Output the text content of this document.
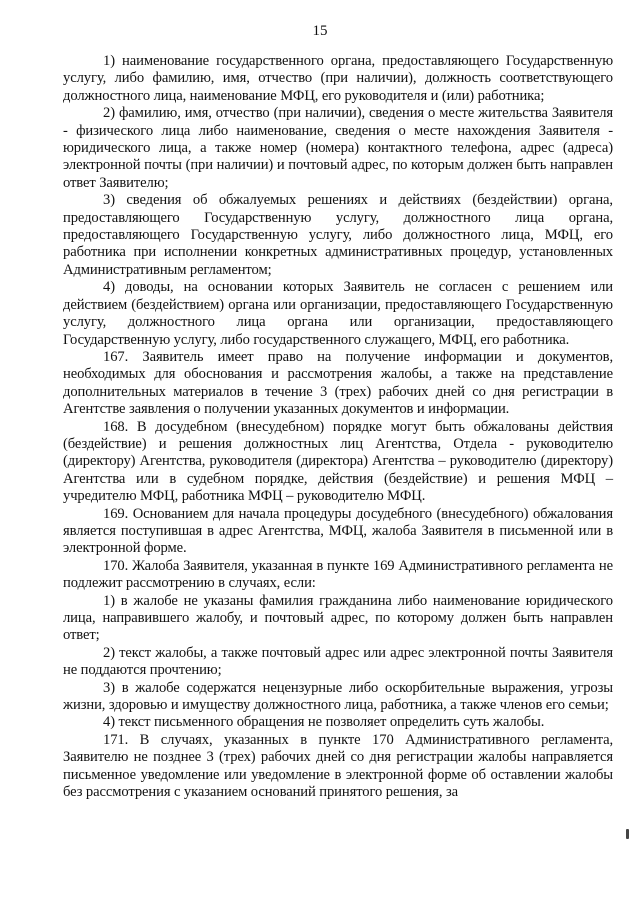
15

1) наименование государственного органа, предоставляющего Государственную услугу, либо фамилию, имя, отчество (при наличии), должность соответствующего должностного лица, наименование МФЦ, его руководителя и (или) работника;

2) фамилию, имя, отчество (при наличии), сведения о месте жительства Заявителя - физического лица либо наименование, сведения о месте нахождения Заявителя - юридического лица, а также номер (номера) контактного телефона, адрес (адреса) электронной почты (при наличии) и почтовый адрес, по которым должен быть направлен ответ Заявителю;

3) сведения об обжалуемых решениях и действиях (бездействии) органа, предоставляющего Государственную услугу, должностного лица органа, предоставляющего Государственную услугу, либо должностного лица, МФЦ, его работника при исполнении конкретных административных процедур, установленных Административным регламентом;

4) доводы, на основании которых Заявитель не согласен с решением или действием (бездействием) органа или организации, предоставляющего Государственную услугу, должностного лица органа или организации, предоставляющего Государственную услугу, либо государственного служащего, МФЦ, его работника.

167. Заявитель имеет право на получение информации и документов, необходимых для обоснования и рассмотрения жалобы, а также на представление дополнительных материалов в течение 3 (трех) рабочих дней со дня регистрации в Агентстве заявления о получении указанных документов и информации.

168. В досудебном (внесудебном) порядке могут быть обжалованы действия (бездействие) и решения должностных лиц Агентства, Отдела - руководителю (директору) Агентства, руководителя (директора) Агентства – руководителю (директору) Агентства или в судебном порядке, действия (бездействие) и решения МФЦ – учредителю МФЦ, работника МФЦ – руководителю МФЦ.

169. Основанием для начала процедуры досудебного (внесудебного) обжалования является поступившая в адрес Агентства, МФЦ, жалоба Заявителя в письменной или в электронной форме.

170. Жалоба Заявителя, указанная в пункте 169 Административного регламента не подлежит рассмотрению в случаях, если:

1) в жалобе не указаны фамилия гражданина либо наименование юридического лица, направившего жалобу, и почтовый адрес, по которому должен быть направлен ответ;

2) текст жалобы, а также почтовый адрес или адрес электронной почты Заявителя не поддаются прочтению;

3) в жалобе содержатся нецензурные либо оскорбительные выражения, угрозы жизни, здоровью и имуществу должностного лица, работника, а также членов его семьи;

4) текст письменного обращения не позволяет определить суть жалобы.

171. В случаях, указанных в пункте 170 Административного регламента, Заявителю не позднее 3 (трех) рабочих дней со дня регистрации жалобы направляется письменное уведомление или уведомление в электронной форме об оставлении жалобы без рассмотрения с указанием оснований принятого решения, за
